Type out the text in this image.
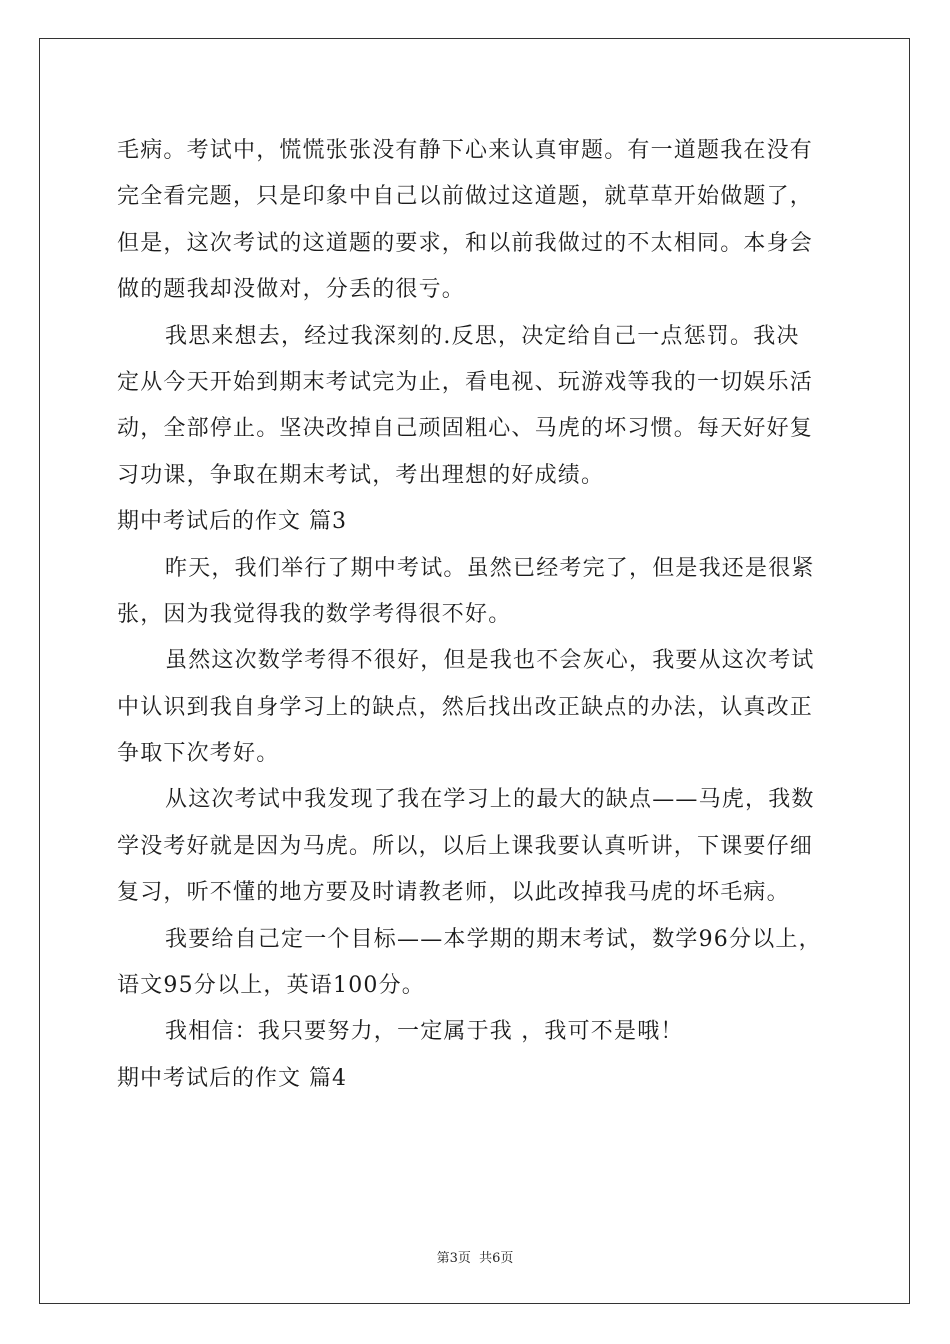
毛病。考试中，慌慌张张没有静下心来认真审题。有一道题我在没有
完全看完题，只是印象中自己以前做过这道题，就草草开始做题了，
但是，这次考试的这道题的要求，和以前我做过的不太相同。本身会
做的题我却没做对，分丢的很亏。
我思来想去，经过我深刻的.反思，决定给自己一点惩罚。我决
定从今天开始到期末考试完为止，看电视、玩游戏等我的一切娱乐活
动，全部停止。坚决改掉自己顽固粗心、马虎的坏习惯。每天好好复
习功课，争取在期末考试，考出理想的好成绩。
期中考试后的作文 篇3
昨天，我们举行了期中考试。虽然已经考完了，但是我还是很紧
张，因为我觉得我的数学考得很不好。
虽然这次数学考得不很好，但是我也不会灰心，我要从这次考试
中认识到我自身学习上的缺点，然后找出改正缺点的办法，认真改正
争取下次考好。
从这次考试中我发现了我在学习上的最大的缺点——马虎，我数
学没考好就是因为马虎。所以，以后上课我要认真听讲，下课要仔细
复习，听不懂的地方要及时请教老师，以此改掉我马虎的坏毛病。
我要给自己定一个目标——本学期的期末考试，数学96分以上，
语文95分以上，英语100分。
我相信：我只要努力，一定属于我 ，我可不是哦！
期中考试后的作文 篇4
第3页 共6页
